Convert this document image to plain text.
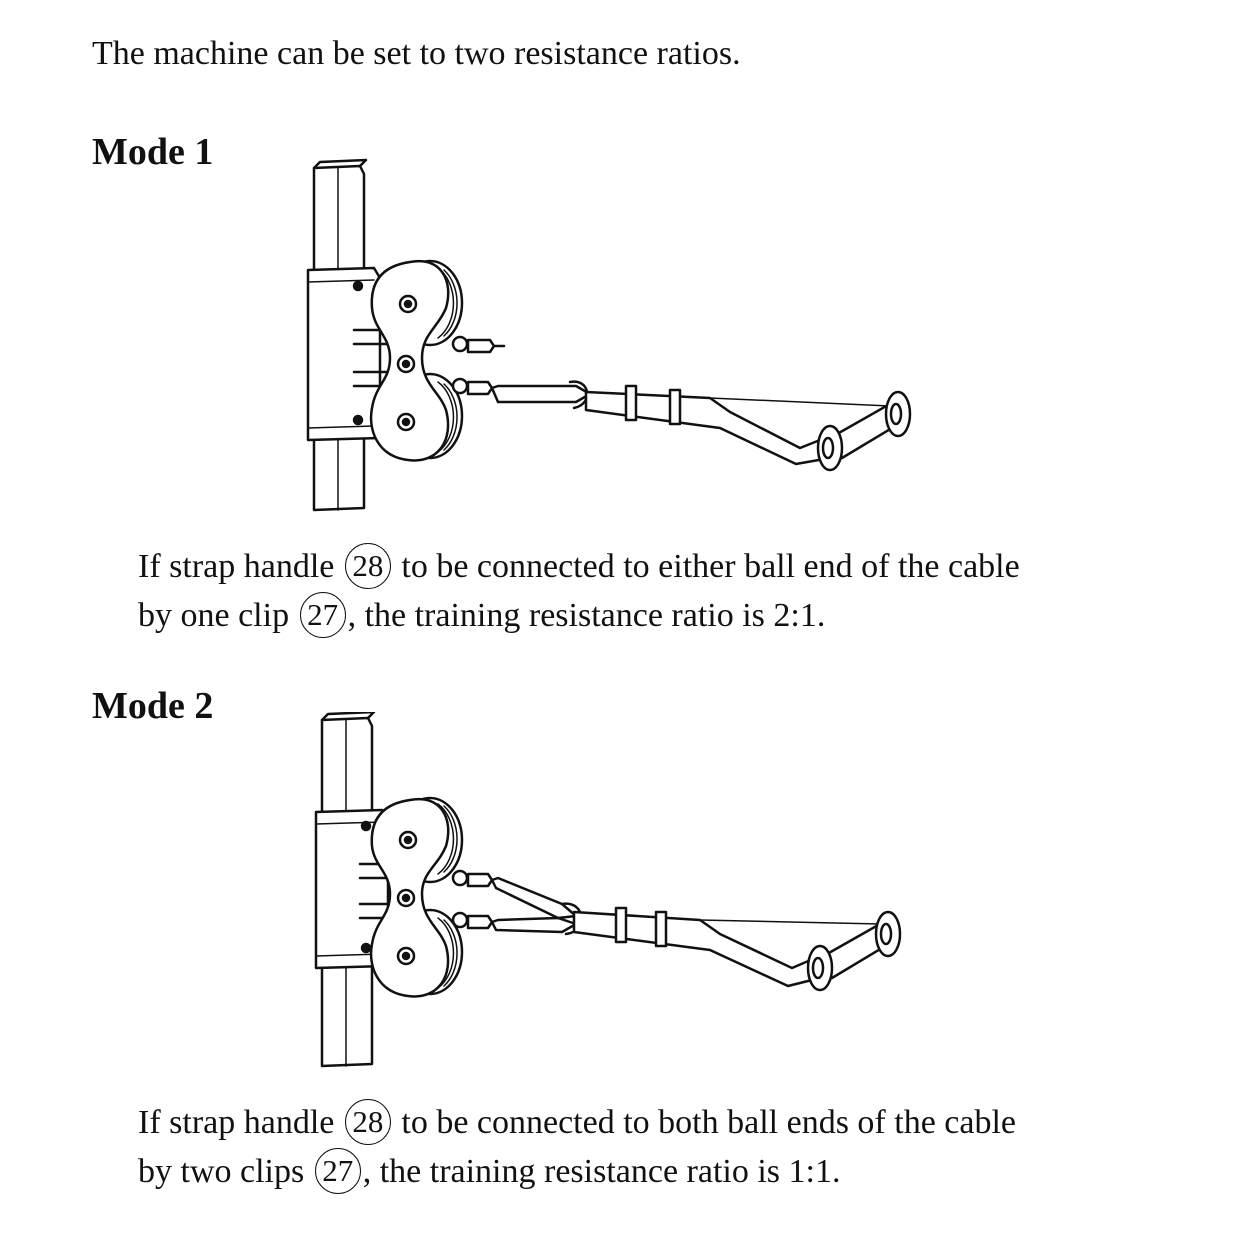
The machine can be set to two resistance ratios.
Mode 1
If strap handle 28 to be connected to either ball end of the cable
by one clip 27 , the training resistance ratio is 2:1.
Mode 2
If strap handle 28 to be connected to both ball ends of the cable
by two clips 27 , the training resistance ratio is 1:1.
